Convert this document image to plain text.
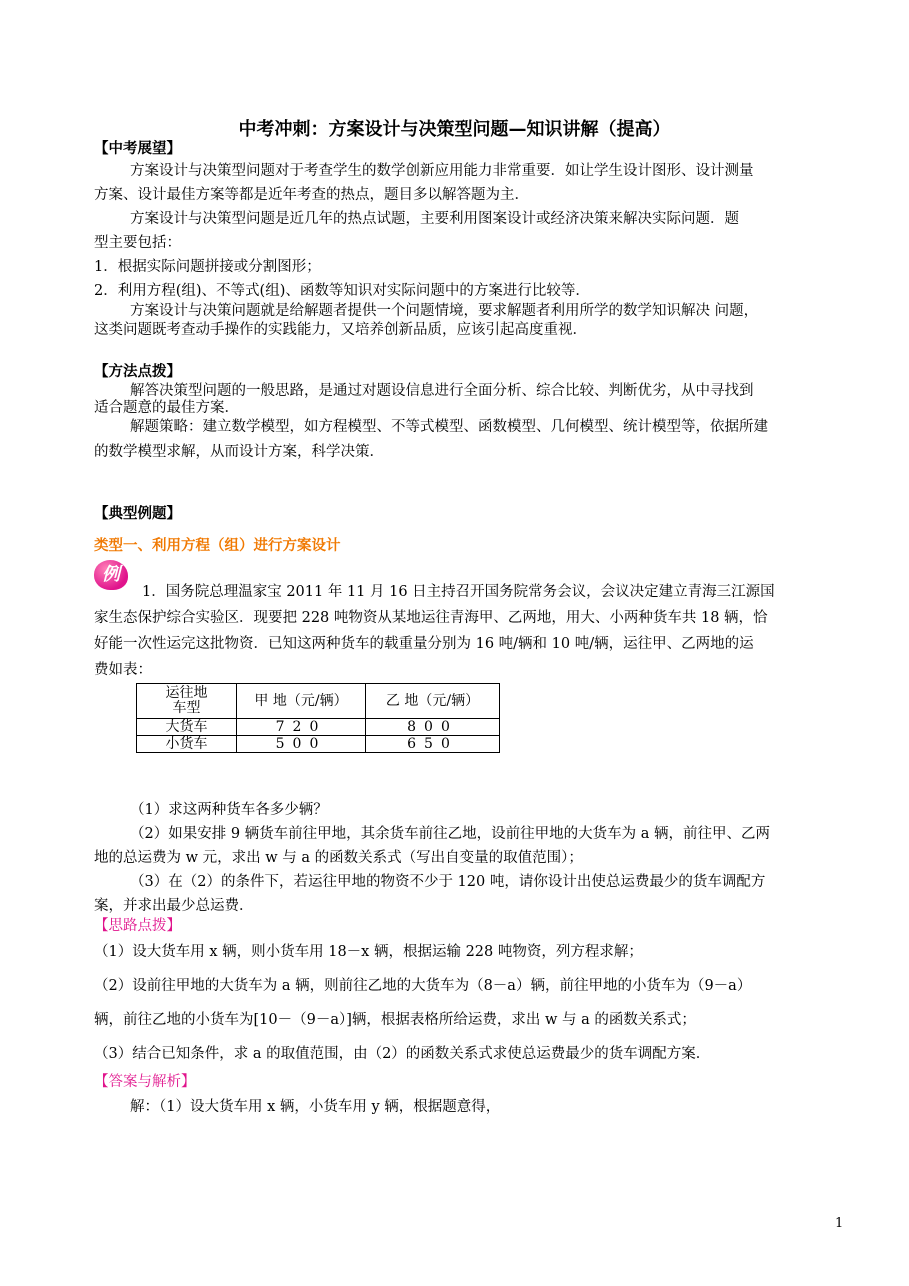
中考冲刺：方案设计与决策型问题—知识讲解（提高）
【中考展望】
方案设计与决策型问题对于考查学生的数学创新应用能力非常重要．如让学生设计图形、设计测量
方案、设计最佳方案等都是近年考查的热点，题目多以解答题为主．
方案设计与决策型问题是近几年的热点试题，主要利用图案设计或经济决策来解决实际问题．题
型主要包括：
1．根据实际问题拼接或分割图形；
2．利用方程(组)、不等式(组)、函数等知识对实际问题中的方案进行比较等．
方案设计与决策问题就是给解题者提供一个问题情境，要求解题者利用所学的数学知识解决 问题，
这类问题既考查动手操作的实践能力，又培养创新品质，应该引起高度重视．
【方法点拨】
解答决策型问题的一般思路，是通过对题设信息进行全面分析、综合比较、判断优劣，从中寻找到
适合题意的最佳方案．
解题策略：建立数学模型，如方程模型、不等式模型、函数模型、几何模型、统计模型等，依据所建
的数学模型求解，从而设计方案，科学决策．
【典型例题】
类型一、利用方程（组）进行方案设计
例
1．国务院总理温家宝 2011 年 11 月 16 日主持召开国务院常务会议，会议决定建立青海三江源国
家生态保护综合实验区．现要把 228 吨物资从某地运往青海甲、乙两地，用大、小两种货车共 18 辆，恰
好能一次性运完这批物资．已知这两种货车的载重量分别为 16 吨/辆和 10 吨/辆，运往甲、乙两地的运
费如表：
运往地
车型	甲 地（元/辆）	乙 地（元/辆）
大货车	720	800
小货车	500	650
（1）求这两种货车各多少辆？
（2）如果安排 9 辆货车前往甲地，其余货车前往乙地，设前往甲地的大货车为 a 辆，前往甲、乙两
地的总运费为 w 元，求出 w 与 a 的函数关系式（写出自变量的取值范围）；
（3）在（2）的条件下，若运往甲地的物资不少于 120 吨，请你设计出使总运费最少的货车调配方
案，并求出最少总运费．
【思路点拨】
（1）设大货车用 x 辆，则小货车用 18－x 辆，根据运输 228 吨物资，列方程求解；
（2）设前往甲地的大货车为 a 辆，则前往乙地的大货车为（8－a）辆，前往甲地的小货车为（9－a）
辆，前往乙地的小货车为[10－（9－a）]辆，根据表格所给运费，求出 w 与 a 的函数关系式；
（3）结合已知条件，求 a 的取值范围，由（2）的函数关系式求使总运费最少的货车调配方案．
【答案与解析】
解：（1）设大货车用 x 辆，小货车用 y 辆，根据题意得，
1
